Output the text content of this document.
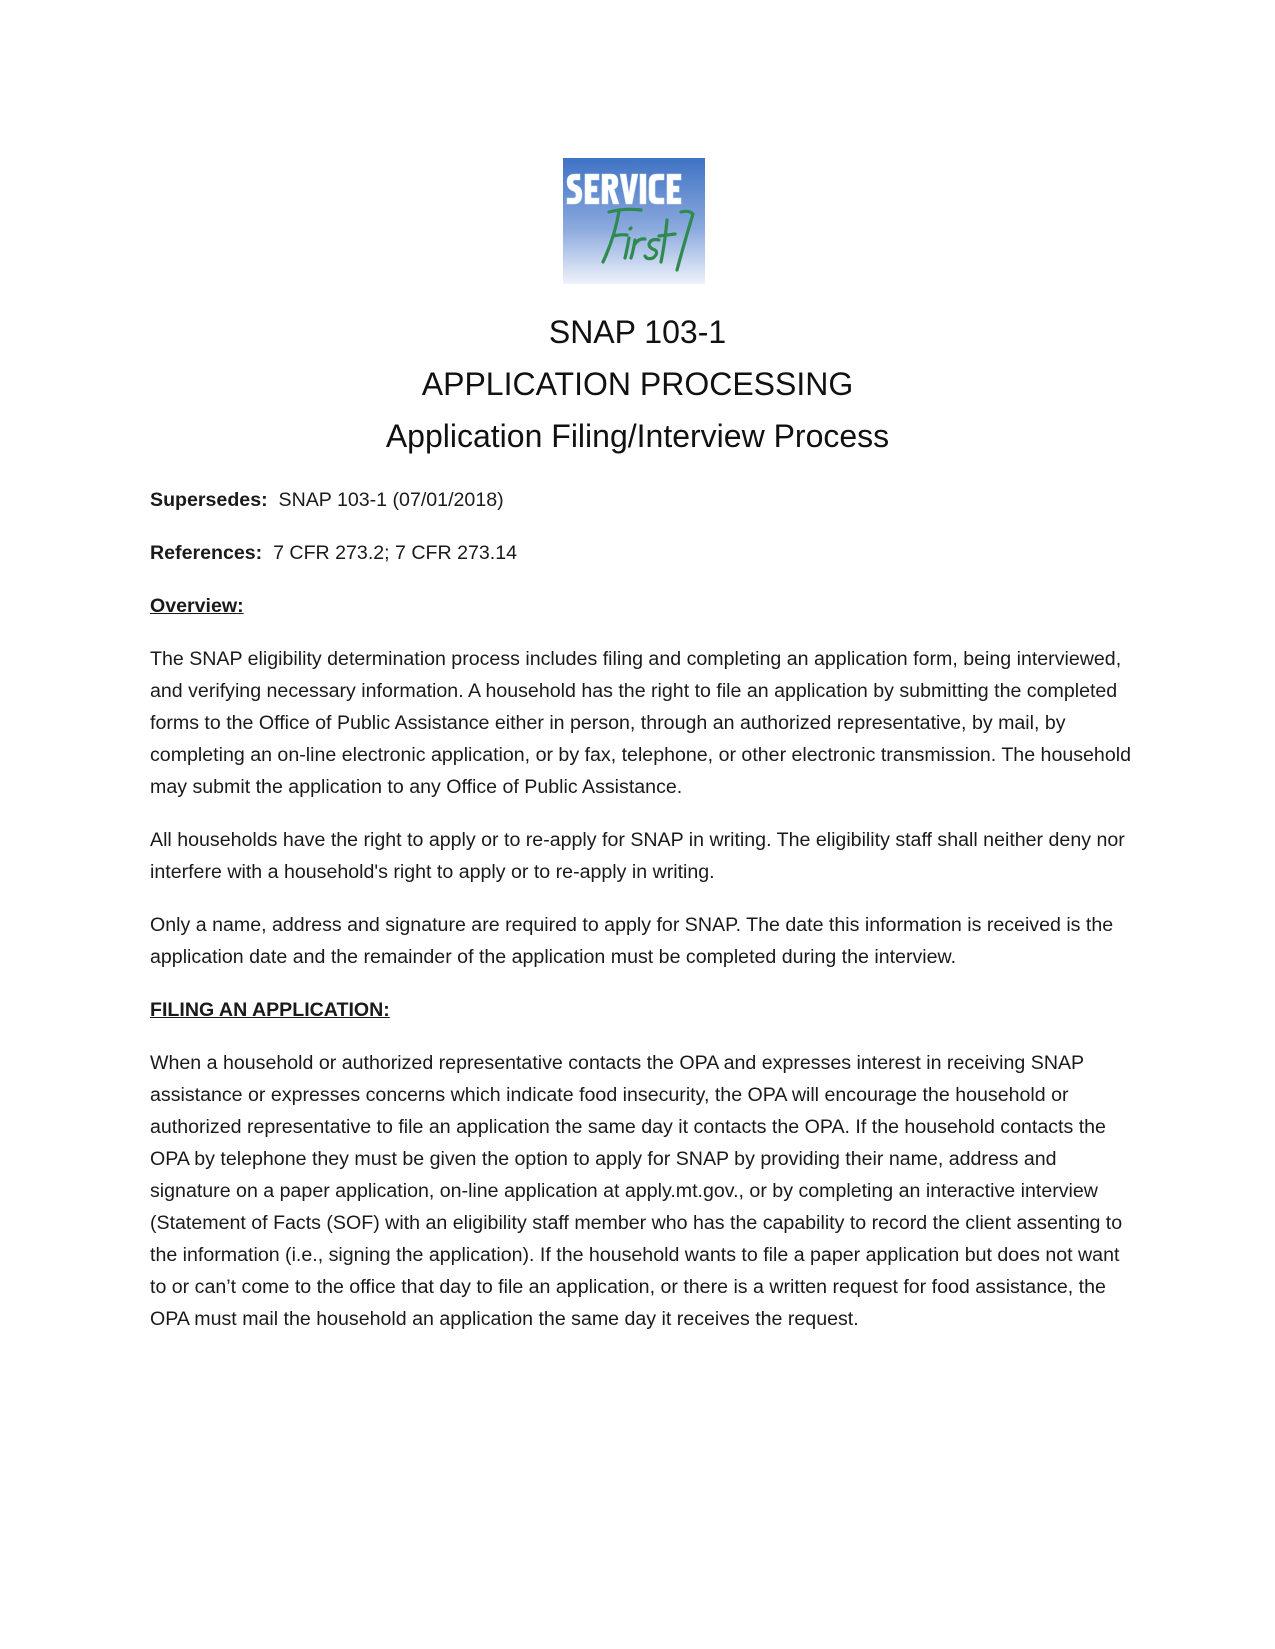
SNAP 103-1
APPLICATION PROCESSING
Application Filing/Interview Process
Supersedes: SNAP 103-1 (07/01/2018)
References: 7 CFR 273.2; 7 CFR 273.14
Overview:

The SNAP eligibility determination process includes filing and completing an application form, being interviewed, and verifying necessary information. A household has the right to file an application by submitting the completed forms to the Office of Public Assistance either in person, through an authorized representative, by mail, by completing an on-line electronic application, or by fax, telephone, or other electronic transmission. The household may submit the application to any Office of Public Assistance.

All households have the right to apply or to re-apply for SNAP in writing. The eligibility staff shall neither deny nor interfere with a household's right to apply or to re-apply in writing.

Only a name, address and signature are required to apply for SNAP. The date this information is received is the application date and the remainder of the application must be completed during the interview.

FILING AN APPLICATION:

When a household or authorized representative contacts the OPA and expresses interest in receiving SNAP assistance or expresses concerns which indicate food insecurity, the OPA will encourage the household or authorized representative to file an application the same day it contacts the OPA. If the household contacts the OPA by telephone they must be given the option to apply for SNAP by providing their name, address and signature on a paper application, on-line application at apply.mt.gov., or by completing an interactive interview (Statement of Facts (SOF) with an eligibility staff member who has the capability to record the client assenting to the information (i.e., signing the application). If the household wants to file a paper application but does not want to or can’t come to the office that day to file an application, or there is a written request for food assistance, the OPA must mail the household an application the same day it receives the request.
